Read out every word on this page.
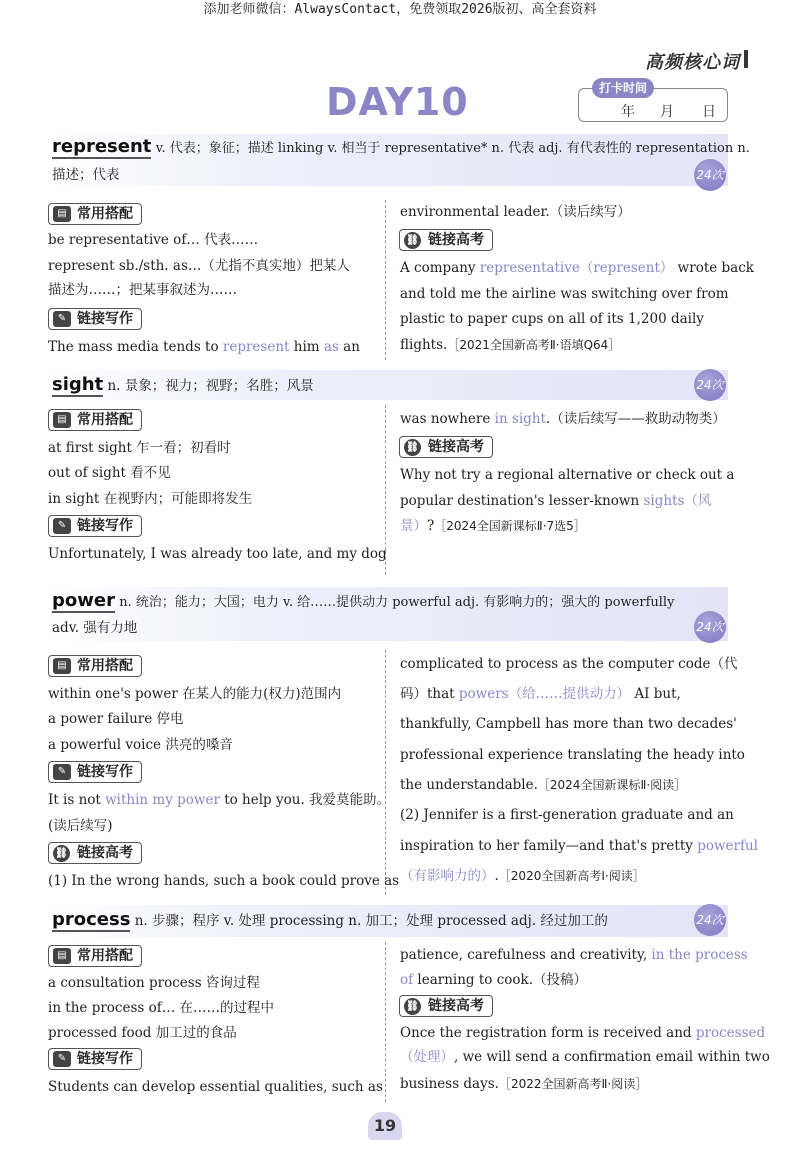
添加老师微信：AlwaysContact，免费领取2026版初、高全套资料
高频核心词
DAY10	打卡时间
年 月 日
represent v. 代表；象征；描述 linking v. 相当于 representative* n. 代表 adj. 有代表性的 representation n.
描述；代表	24次
▤ 常用搭配
be representative of… 代表……
represent sb./sth. as…（尤指不真实地）把某人
描述为……；把某事叙述为……
✎ 链接写作
The mass media tends to represent him as an
environmental leader.（读后续写）
⛓ 链接高考
A company representative（represent） wrote back
and told me the airline was switching over from
plastic to paper cups on all of its 1,200 daily
flights.［2021全国新高考Ⅱ·语填Q64］
sight n. 景象；视力；视野；名胜；风景	24次
▤ 常用搭配
at first sight 乍一看；初看时
out of sight 看不见
in sight 在视野内；可能即将发生
✎ 链接写作
Unfortunately, I was already too late, and my dog
was nowhere in sight.（读后续写——救助动物类）
⛓ 链接高考
Why not try a regional alternative or check out a
popular destination's lesser-known sights（风
景）?［2024全国新课标Ⅱ·7选5］
power n. 统治；能力；大国；电力 v. 给……提供动力 powerful adj. 有影响力的；强大的 powerfully
adv. 强有力地	24次
▤ 常用搭配
within one's power 在某人的能力(权力)范围内
a power failure 停电
a powerful voice 洪亮的嗓音
✎ 链接写作
It is not within my power to help you. 我爱莫能助。
(读后续写)
⛓ 链接高考
(1) In the wrong hands, such a book could prove as
complicated to process as the computer code（代
码）that powers（给……提供动力） AI but,
thankfully, Campbell has more than two decades'
professional experience translating the heady into
the understandable.［2024全国新课标Ⅱ·阅读］
(2) Jennifer is a first-generation graduate and an
inspiration to her family—and that's pretty powerful
（有影响力的）.［2020全国新高考Ⅰ·阅读］
process n. 步骤；程序 v. 处理 processing n. 加工；处理 processed adj. 经过加工的	24次
▤ 常用搭配
a consultation process 咨询过程
in the process of… 在……的过程中
processed food 加工过的食品
✎ 链接写作
Students can develop essential qualities, such as
patience, carefulness and creativity, in the process
of learning to cook.（投稿）
⛓ 链接高考
Once the registration form is received and processed
（处理）, we will send a confirmation email within two
business days.［2022全国新高考Ⅱ·阅读］
19
